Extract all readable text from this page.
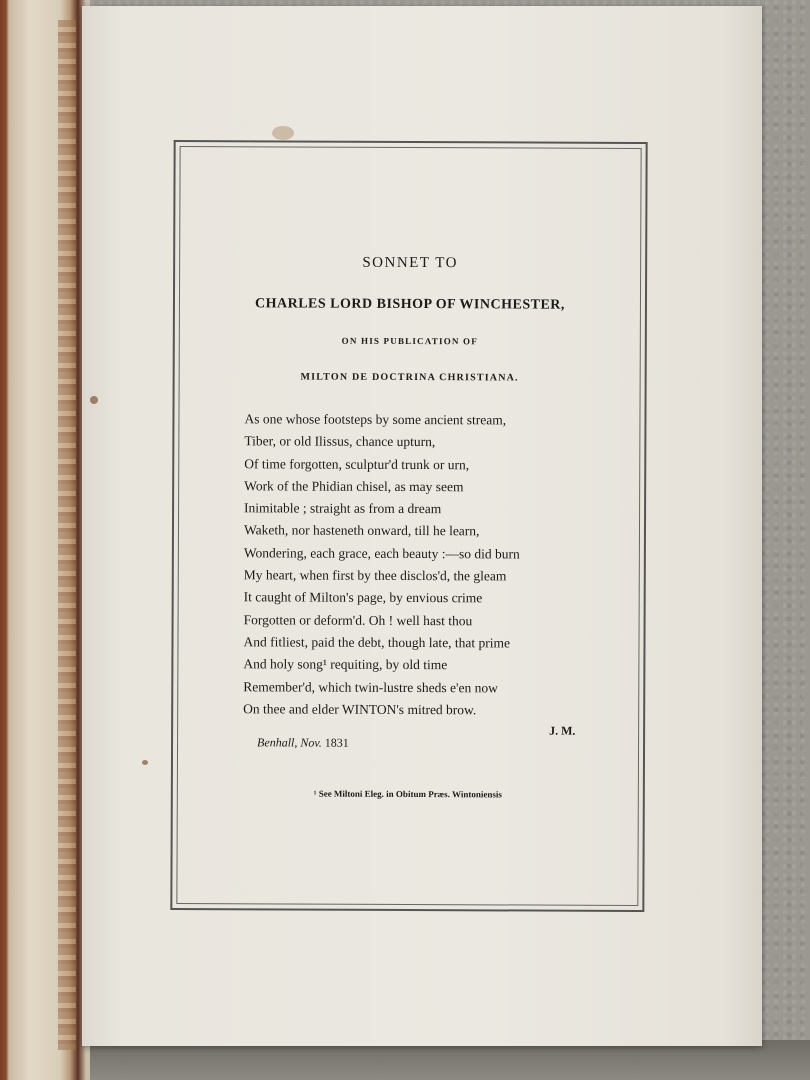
SONNET TO
CHARLES LORD BISHOP OF WINCHESTER,
ON HIS PUBLICATION OF
MILTON DE DOCTRINA CHRISTIANA.
As one whose footsteps by some ancient stream,
Tiber, or old Ilissus, chance upturn,
Of time forgotten, sculptur'd trunk or urn,
Work of the Phidian chisel, as may seem
Inimitable ; straight as from a dream
Waketh, nor hasteneth onward, till he learn,
Wondering, each grace, each beauty :—so did burn
My heart, when first by thee disclos'd, the gleam
It caught of Milton's page, by envious crime
Forgotten or deform'd. Oh ! well hast thou
And fitliest, paid the debt, though late, that prime
And holy song¹ requiting, by old time
Remember'd, which twin-lustre sheds e'en now
On thee and elder WINTON's mitred brow.
J. M.
Benhall, Nov. 1831
¹ See Miltoni Eleg. in Obitum Præs. Wintoniensis
